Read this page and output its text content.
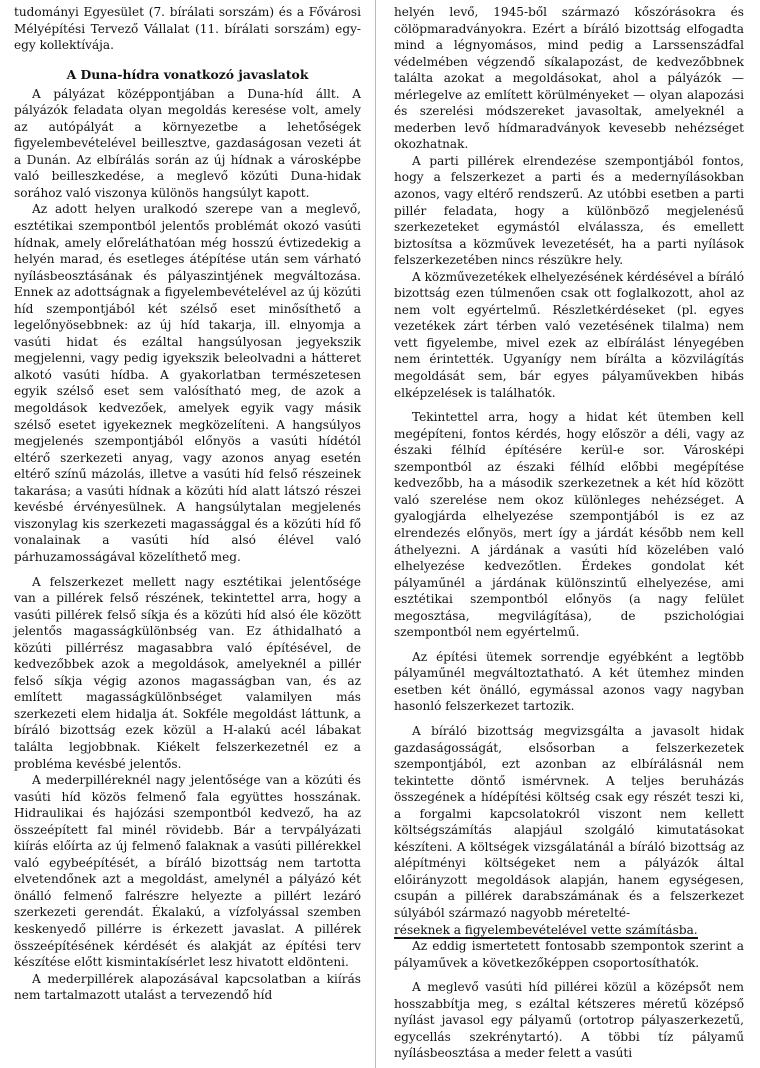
tudományi Egyesület (7. bírálati sorszám) és a Fővárosi Mélyépítési Tervező Vállalat (11. bírálati sorszám) egy-egy kollektívája.

A Duna-hídra vonatkozó javaslatok

A pályázat középpontjában a Duna-híd állt. A pályázók feladata olyan megoldás keresése volt, amely az autópályát a környezetbe a lehetőségek figyelembevételével beillesztve, gazdaságosan vezeti át a Dunán. Az elbírálás során az új hídnak a városképbe való beilleszkedése, a meglevő közúti Duna-hidak sorához való viszonya különös hangsúlyt kapott.

Az adott helyen uralkodó szerepe van a meglevő, esztétikai szempontból jelentős problémát okozó vasúti hídnak, amely előreláthatóan még hosszú évtizedekig a helyén marad, és esetleges átépítése után sem várható nyílásbeosztásának és pályaszintjének megváltozása. Ennek az adottságnak a figyelembevételével az új közúti híd szempontjából két szélső eset minősíthető a legelőnyösebbnek: az új híd takarja, ill. elnyomja a vasúti hidat és ezáltal hangsúlyosan jegyekszik megjelenni, vagy pedig igyekszik beleolvadni a hátteret alkotó vasúti hídba. A gyakorlatban természetesen egyik szélső eset sem valósítható meg, de azok a megoldások kedvezőek, amelyek egyik vagy másik szélső esetet igyekeznek megközelíteni. A hangsúlyos megjelenés szempontjából előnyös a vasúti hídétól eltérő szerkezeti anyag, vagy azonos anyag esetén eltérő színű mázolás, illetve a vasúti híd felső részeinek takarása; a vasúti hídnak a közúti híd alatt látszó részei kevésbé érvényesülnek. A hangsúlytalan megjelenés viszonylag kis szerkezeti magassággal és a közúti híd fő vonalainak a vasúti híd alsó élével való párhuzamosságával közelíthető meg.

A felszerkezet mellett nagy esztétikai jelentősége van a pillérek felső részének, tekintettel arra, hogy a vasúti pillérek felső síkja és a közúti híd alsó éle között jelentős magasságkülönbség van. Ez áthidalható a közúti pillérrész magasabbra való építésével, de kedvezőbbek azok a megoldások, amelyeknél a pillér felső síkja végig azonos magasságban van, és az említett magasságkülönbséget valamilyen más szerkezeti elem hidalja át. Sokféle megoldást láttunk, a bíráló bizottság ezek közül a H-alakú acél lábakat találta legjobbnak. Kiékelt felszerkezetnél ez a probléma kevésbé jelentős.

A mederpilléreknél nagy jelentősége van a közúti és vasúti híd közös felmenő fala együttes hosszának. Hidraulikai és hajózási szempontból kedvező, ha az összeépített fal minél rövidebb. Bár a tervpályázati kiírás előírta az új felmenő falaknak a vasúti pillérekkel való egybeépítését, a bíráló bizottság nem tartotta elvetendőnek azt a megoldást, amelynél a pályázó két önálló felmenő falrészre helyezte a pillért lezáró szerkezeti gerendát. Ékalakú, a vízfolyással szemben keskenyedő pillérre is érkezett javaslat. A pillérek összeépítésének kérdését és alakját az építési terv készítése előtt kismintakísérlet lesz hivatott eldönteni.

A mederpillérek alapozásával kapcsolatban a kiírás nem tartalmazott utalást a tervezendő híd

helyén levő, 1945-ből származó kőszórásokra és cölöpmaradványokra. Ezért a bíráló bizottság elfogadta mind a légnyomásos, mind pedig a Larssenszádfal védelmében végzendő síkalapozást, de kedvezőbbnek találta azokat a megoldásokat, ahol a pályázók — mérlegelve az említett körülményeket — olyan alapozási és szerelési módszereket javasoltak, amelyeknél a mederben levő hídmaradványok kevesebb nehézséget okozhatnak.

A parti pillérek elrendezése szempontjából fontos, hogy a felszerkezet a parti és a medernyílásokban azonos, vagy eltérő rendszerű. Az utóbbi esetben a parti pillér feladata, hogy a különböző megjelenésű szerkezeteket egymástól elválassza, és emellett biztosítsa a közművek levezetését, ha a parti nyílások felszerkezetében nincs részükre hely.

A közművezetékek elhelyezésének kérdésével a bíráló bizottság ezen túlmenően csak ott foglalkozott, ahol az nem volt egyértelmű. Részletkérdéseket (pl. egyes vezetékek zárt térben való vezetésének tilalma) nem vett figyelembe, mivel ezek az elbírálást lényegében nem érintették. Ugyanígy nem bírálta a közvilágítás megoldását sem, bár egyes pályaművekben hibás elképzelések is találhatók.

Tekintettel arra, hogy a hidat két ütemben kell megépíteni, fontos kérdés, hogy először a déli, vagy az északi félhíd építésére kerül-e sor. Városképi szempontból az északi félhíd előbbi megépítése kedvezőbb, ha a második szerkezetnek a két híd között való szerelése nem okoz különleges nehézséget. A gyalogjárda elhelyezése szempontjából is ez az elrendezés előnyös, mert így a járdát később nem kell áthelyezni. A járdának a vasúti híd közelében való elhelyezése kedvezőtlen. Érdekes gondolat két pályaműnél a járdának különszintű elhelyezése, ami esztétikai szempontból előnyös (a nagy felület megosztása, megvilágítása), de pszichológiai szempontból nem egyértelmű.

Az építési ütemek sorrendje egyébként a legtöbb pályaműnél megváltoztatható. A két ütemhez minden esetben két önálló, egymással azonos vagy nagyban hasonló felszerkezet tartozik.

A bíráló bizottság megvizsgálta a javasolt hidak gazdaságosságát, elsősorban a felszerkezetek szempontjából, ezt azonban az elbírálásnál nem tekintette döntő ismérvnek. A teljes beruházás összegének a hídépítési költség csak egy részét teszi ki, a forgalmi kapcsolatokról viszont nem kellett költségszámítás alapjául szolgáló kimutatásokat készíteni. A költségek vizsgálatánál a bíráló bizottság az alépítményi költségeket nem a pályázók által előirányzott megoldások alapján, hanem egységesen, csupán a pillérek darabszámának és a felszerkezet súlyából származó nagyobb méretelté-

réseknek a figyelembevételével vette számításba.

Az eddig ismertetett fontosabb szempontok szerint a pályaművek a következőképpen csoportosíthatók.

A meglevő vasúti híd pillérei közül a középsőt nem hosszabbítja meg, s ezáltal kétszeres méretű középső nyílást javasol egy pályamű (ortotrop pályaszerkezetű, egycellás szekrénytartó). A többi tíz pályamű nyílásbeosztása a meder felett a vasúti
